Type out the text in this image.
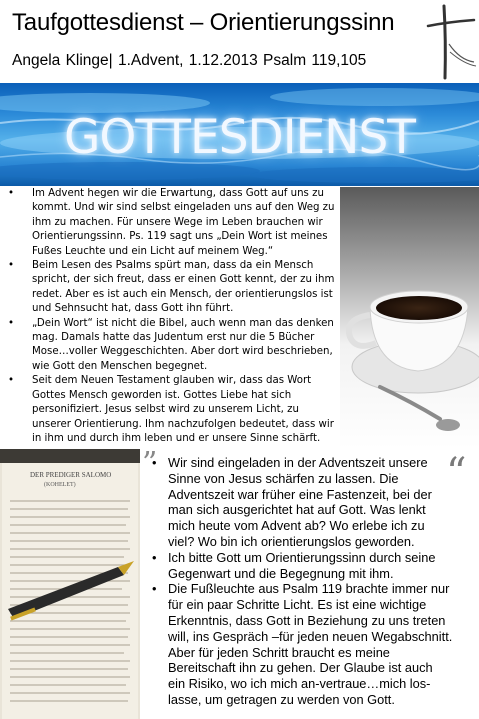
Taufgottesdienst – Orientierungssinn
Angela Klinge| 1.Advent, 1.12.2013 Psalm 119,105
GOTTESDIENST
• Im Advent hegen wir die Erwartung, dass Gott auf uns zu kommt. Und wir sind selbst eingeladen uns auf den Weg zu ihm zu machen. Für unsere Wege im Leben brauchen wir Orientierungssinn. Ps. 119 sagt uns „Dein Wort ist meines Fußes Leuchte und ein Licht auf meinem Weg.“
• Beim Lesen des Psalms spürt man, dass da ein Mensch spricht, der sich freut, dass er einen Gott kennt, der zu ihm redet. Aber es ist auch ein Mensch, der orientierungslos ist und Sehnsucht hat, dass Gott ihn führt.
• „Dein Wort“ ist nicht die Bibel, auch wenn man das denken mag. Damals hatte das Judentum erst nur die 5 Bücher Mose…voller Weggeschichten. Aber dort wird beschrieben, wie Gott den Menschen begegnet.
• Seit dem Neuen Testament glauben wir, dass das Wort Gottes Mensch geworden ist. Gottes Liebe hat sich personifiziert. Jesus selbst wird zu unserem Licht, zu unserer Orientierung. Ihm nachzufolgen bedeutet, dass wir in ihm und durch ihm leben und er unsere Sinne schärft.
DER PREDIGER SALOMO
(KOHELET)
”	“
• Wir sind eingeladen in der Adventszeit unsere Sinne von Jesus schärfen zu lassen. Die Adventszeit war früher eine Fastenzeit, bei der man sich ausgerichtet hat auf Gott. Was lenkt mich heute vom Advent ab? Wo erlebe ich zu viel? Wo bin ich orientierungslos geworden.
• Ich bitte Gott um Orientierungssinn durch seine Gegenwart und die Begegnung mit ihm.
• Die Fußleuchte aus Psalm 119 brachte immer nur für ein paar Schritte Licht. Es ist eine wichtige Erkenntnis, dass Gott in Beziehung zu uns treten will, ins Gespräch –für jeden neuen Wegabschnitt. Aber für jeden Schritt braucht es meine Bereitschaft ihn zu gehen. Der Glaube ist auch ein Risiko, wo ich mich an-vertraue…mich los-lasse, um getragen zu werden von Gott.
